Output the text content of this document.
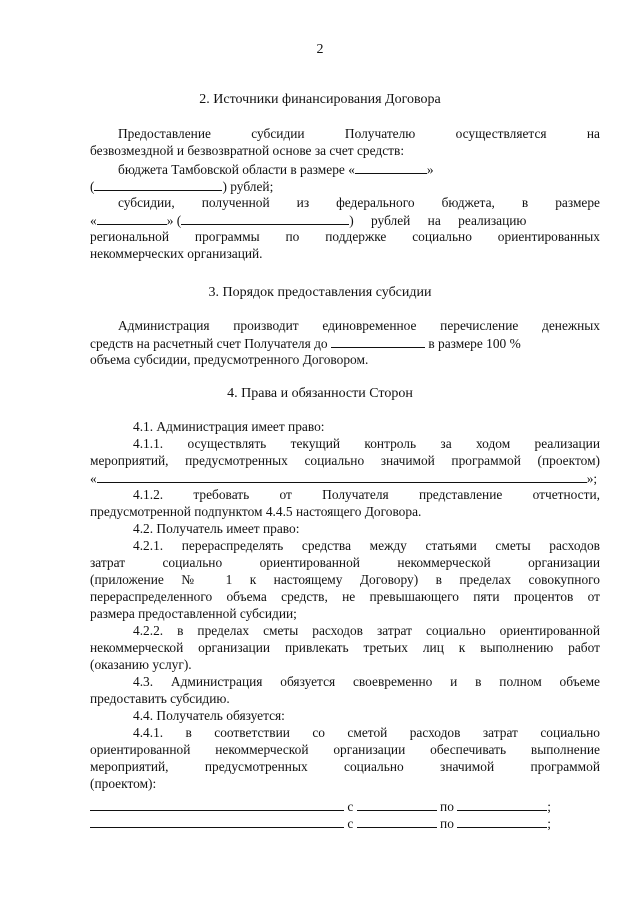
2
2. Источники финансирования Договора
Предоставление субсидии Получателю осуществляется на
безвозмездной и безвозвратной основе за счет средств:
бюджета Тамбовской области в размере «	»
(	) рублей;
субсидии, полученной из федерального бюджета, в размере
«	» (	) рублей на реализацию
региональной программы по поддержке социально ориентированных
некоммерческих организаций.
3. Порядок предоставления субсидии
Администрация производит единовременное перечисление денежных
средств на расчетный счет Получателя до	в размере 100 %
объема субсидии, предусмотренного Договором.
4. Права и обязанности Сторон
4.1. Администрация имеет право:
4.1.1. осуществлять текущий контроль за ходом реализации
мероприятий, предусмотренных социально значимой программой (проектом)
«	»;
4.1.2. требовать от Получателя представление отчетности,
предусмотренной подпунктом 4.4.5 настоящего Договора.
4.2. Получатель имеет право:
4.2.1. перераспределять средства между статьями сметы расходов
затрат социально ориентированной некоммерческой организации
(приложение № 1 к настоящему Договору) в пределах совокупного
перераспределенного объема средств, не превышающего пяти процентов от
размера предоставленной субсидии;
4.2.2. в пределах сметы расходов затрат социально ориентированной
некоммерческой организации привлекать третьих лиц к выполнению работ
(оказанию услуг).
4.3. Администрация обязуется своевременно и в полном объеме
предоставить субсидию.
4.4. Получатель обязуется:
4.4.1. в соответствии со сметой расходов затрат социально
ориентированной некоммерческой организации обеспечивать выполнение
мероприятий, предусмотренных социально значимой программой
(проектом):
с	по	;
с	по	;
